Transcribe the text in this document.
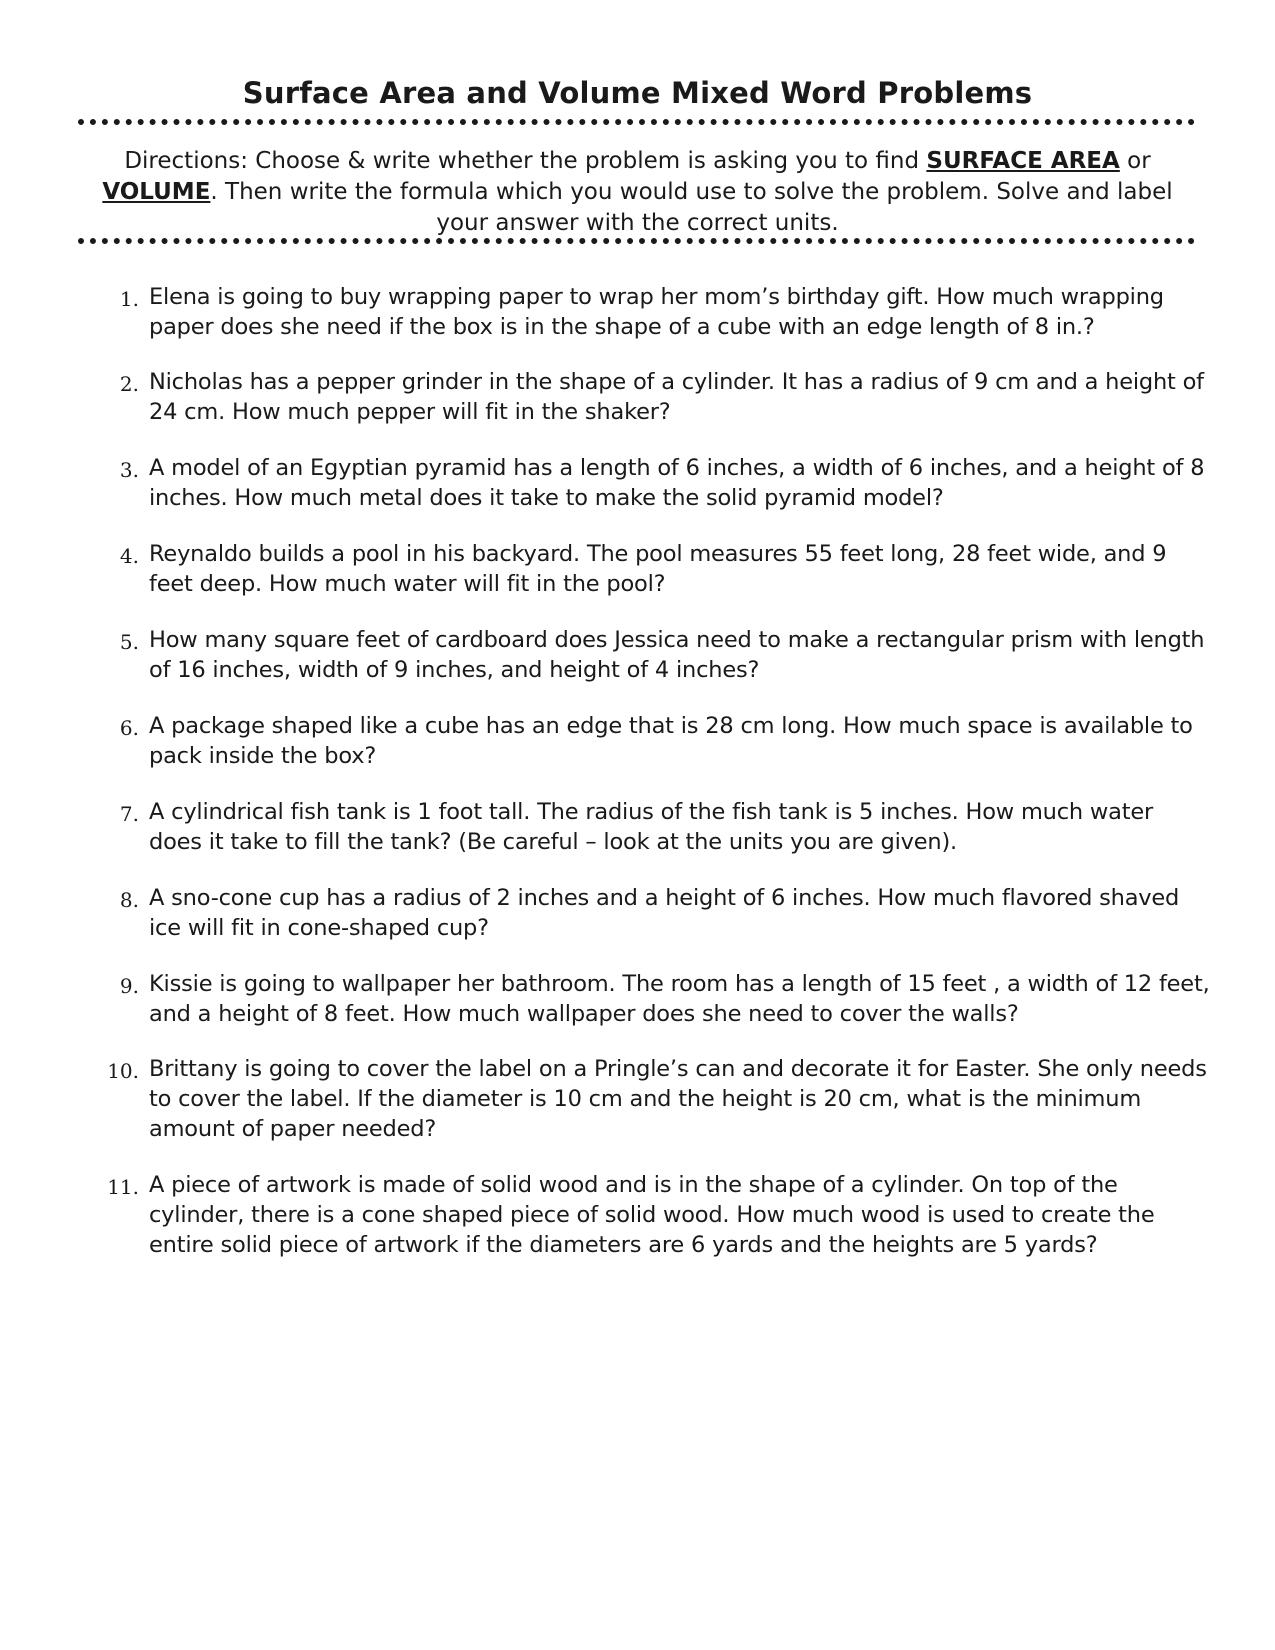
Surface Area and Volume Mixed Word Problems
Directions: Choose & write whether the problem is asking you to find SURFACE AREA or VOLUME. Then write the formula which you would use to solve the problem. Solve and label your answer with the correct units.
1. Elena is going to buy wrapping paper to wrap her mom’s birthday gift. How much wrapping paper does she need if the box is in the shape of a cube with an edge length of 8 in.?
2. Nicholas has a pepper grinder in the shape of a cylinder. It has a radius of 9 cm and a height of 24 cm. How much pepper will fit in the shaker?
3. A model of an Egyptian pyramid has a length of 6 inches, a width of 6 inches, and a height of 8 inches. How much metal does it take to make the solid pyramid model?
4. Reynaldo builds a pool in his backyard. The pool measures 55 feet long, 28 feet wide, and 9 feet deep. How much water will fit in the pool?
5. How many square feet of cardboard does Jessica need to make a rectangular prism with length of 16 inches, width of 9 inches, and height of 4 inches?
6. A package shaped like a cube has an edge that is 28 cm long. How much space is available to pack inside the box?
7. A cylindrical fish tank is 1 foot tall. The radius of the fish tank is 5 inches. How much water does it take to fill the tank? (Be careful – look at the units you are given).
8. A sno-cone cup has a radius of 2 inches and a height of 6 inches. How much flavored shaved ice will fit in cone-shaped cup?
9. Kissie is going to wallpaper her bathroom. The room has a length of 15 feet , a width of 12 feet, and a height of 8 feet. How much wallpaper does she need to cover the walls?
10. Brittany is going to cover the label on a Pringle’s can and decorate it for Easter. She only needs to cover the label. If the diameter is 10 cm and the height is 20 cm, what is the minimum amount of paper needed?
11. A piece of artwork is made of solid wood and is in the shape of a cylinder. On top of the cylinder, there is a cone shaped piece of solid wood. How much wood is used to create the entire solid piece of artwork if the diameters are 6 yards and the heights are 5 yards?
